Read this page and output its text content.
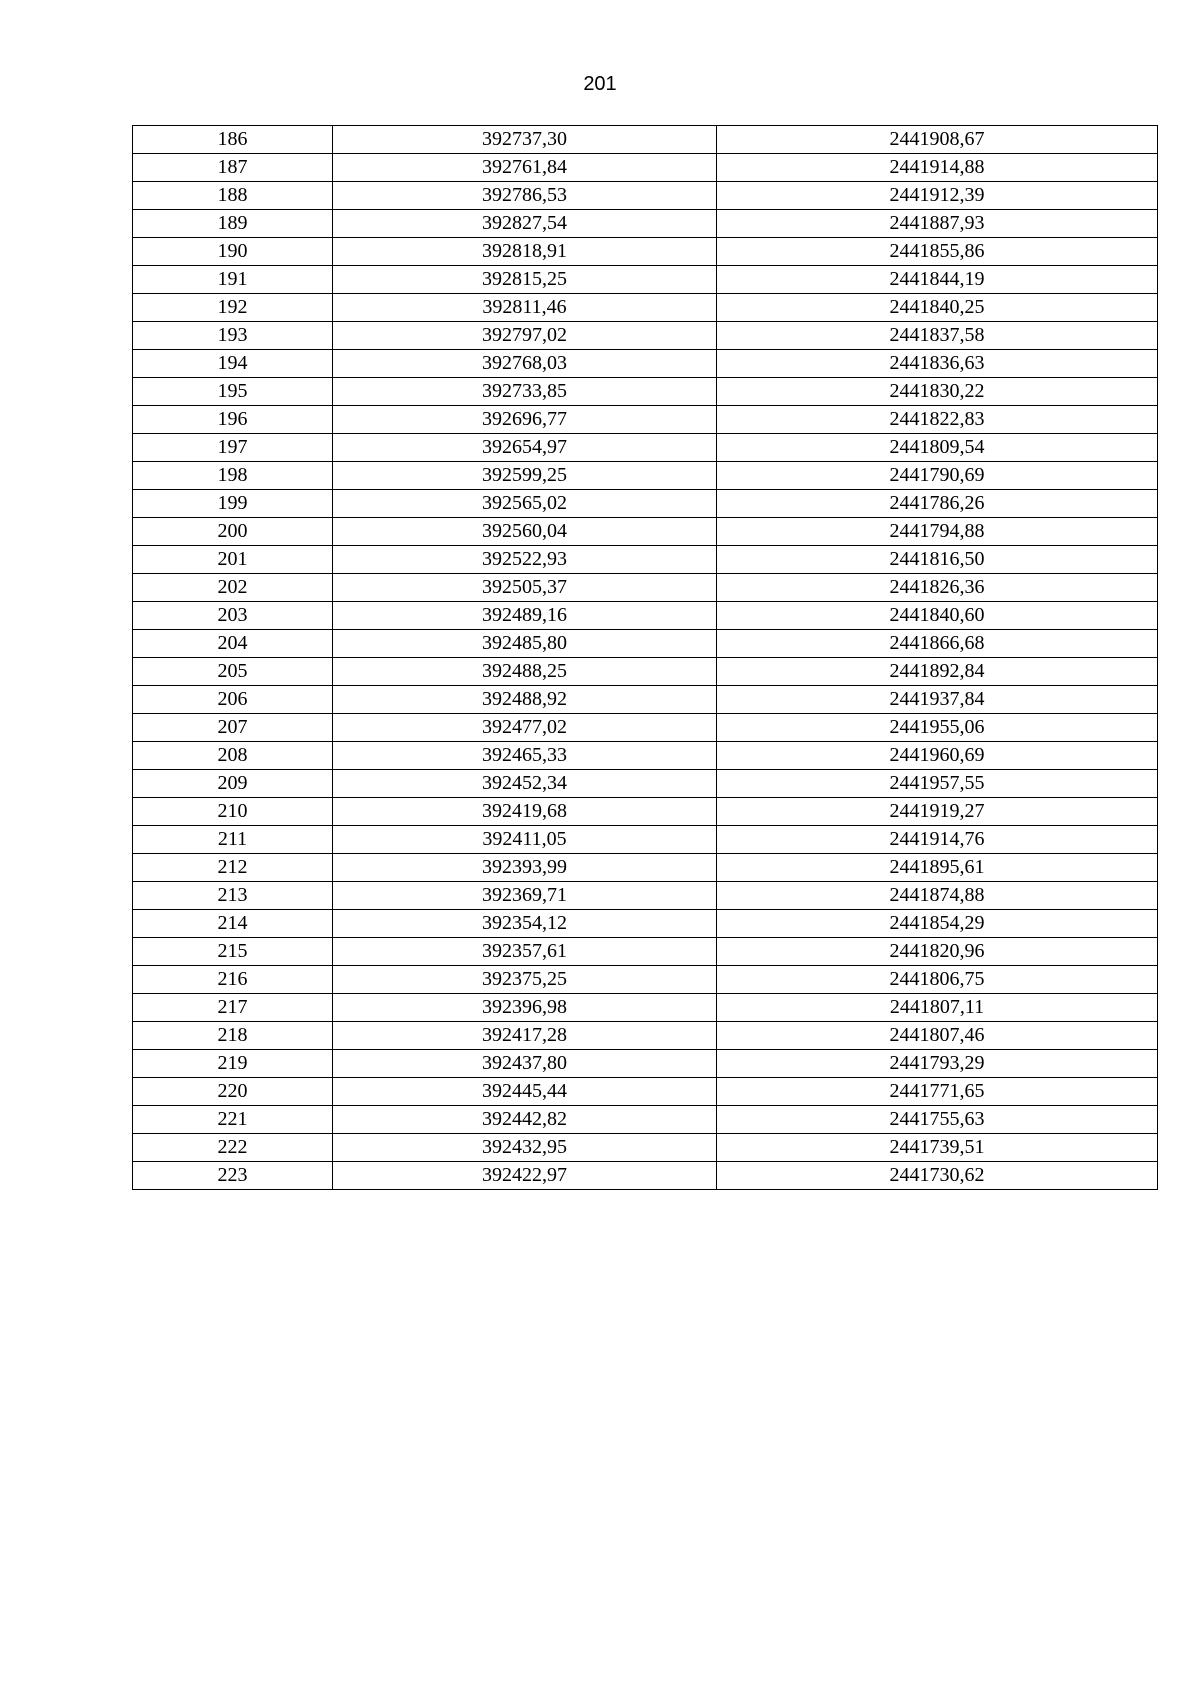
201
186	392737,30	2441908,67
187	392761,84	2441914,88
188	392786,53	2441912,39
189	392827,54	2441887,93
190	392818,91	2441855,86
191	392815,25	2441844,19
192	392811,46	2441840,25
193	392797,02	2441837,58
194	392768,03	2441836,63
195	392733,85	2441830,22
196	392696,77	2441822,83
197	392654,97	2441809,54
198	392599,25	2441790,69
199	392565,02	2441786,26
200	392560,04	2441794,88
201	392522,93	2441816,50
202	392505,37	2441826,36
203	392489,16	2441840,60
204	392485,80	2441866,68
205	392488,25	2441892,84
206	392488,92	2441937,84
207	392477,02	2441955,06
208	392465,33	2441960,69
209	392452,34	2441957,55
210	392419,68	2441919,27
211	392411,05	2441914,76
212	392393,99	2441895,61
213	392369,71	2441874,88
214	392354,12	2441854,29
215	392357,61	2441820,96
216	392375,25	2441806,75
217	392396,98	2441807,11
218	392417,28	2441807,46
219	392437,80	2441793,29
220	392445,44	2441771,65
221	392442,82	2441755,63
222	392432,95	2441739,51
223	392422,97	2441730,62
